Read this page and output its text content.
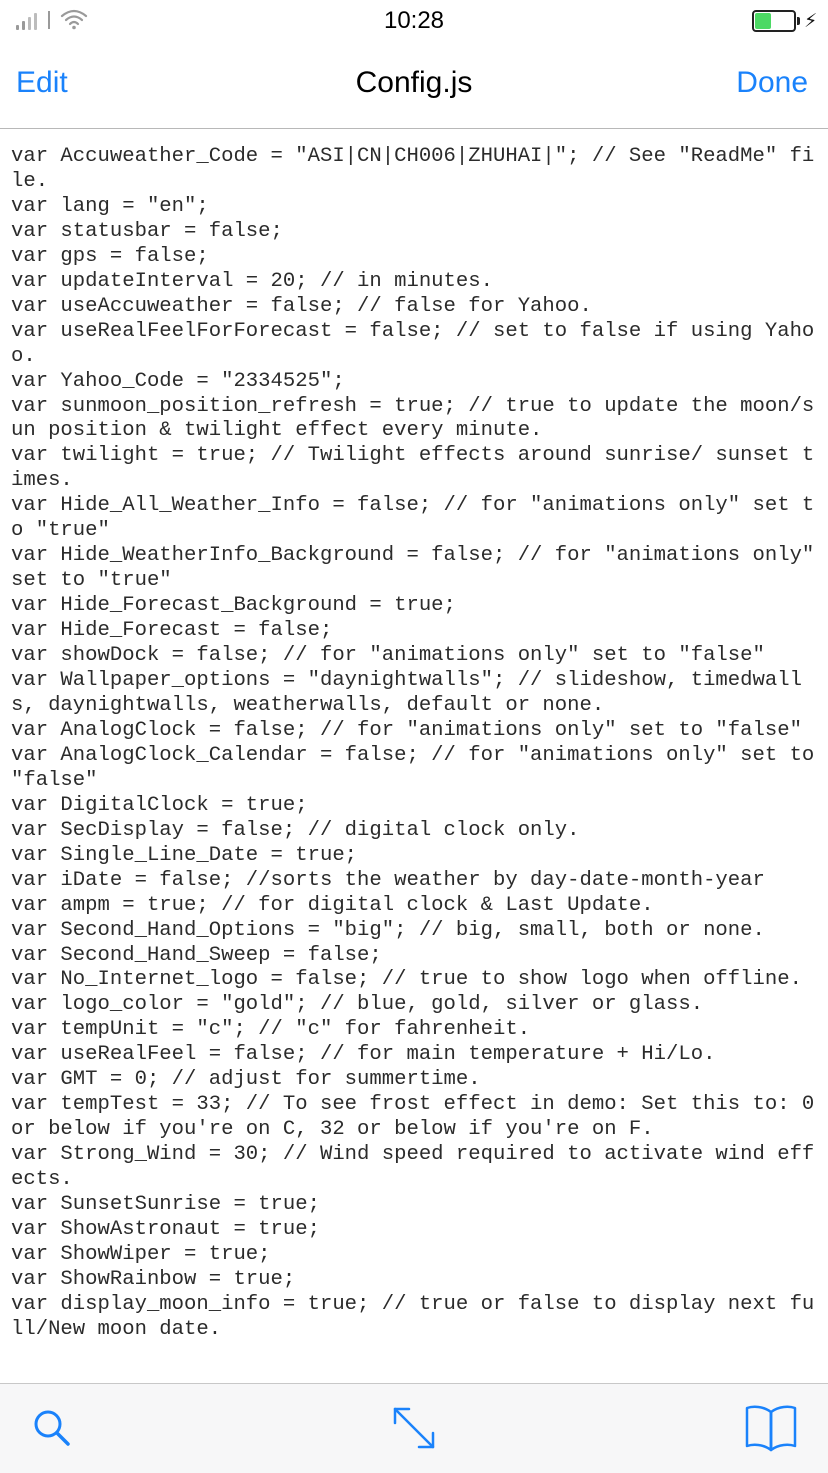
10:28	⚡︎
Edit	Config.js	Done
var Accuweather_Code = "ASI|CN|CH006|ZHUHAI|"; // See "ReadMe" file.
var lang = "en";
var statusbar = false;
var gps = false;
var updateInterval = 20; // in minutes.
var useAccuweather = false; // false for Yahoo.
var useRealFeelForForecast = false; // set to false if using Yahoo.
var Yahoo_Code = "2334525";
var sunmoon_position_refresh = true; // true to update the moon/sun position & twilight effect every minute.
var twilight = true; // Twilight effects around sunrise/ sunset times.
var Hide_All_Weather_Info = false; // for "animations only" set to "true"
var Hide_WeatherInfo_Background = false; // for "animations only" set to "true"
var Hide_Forecast_Background = true;
var Hide_Forecast = false;
var showDock = false; // for "animations only" set to "false"
var Wallpaper_options = "daynightwalls"; // slideshow, timedwalls, daynightwalls, weatherwalls, default or none.
var AnalogClock = false; // for "animations only" set to "false"
var AnalogClock_Calendar = false; // for "animations only" set to "false"
var DigitalClock = true;
var SecDisplay = false; // digital clock only.
var Single_Line_Date = true;
var iDate = false; //sorts the weather by day-date-month-year
var ampm = true; // for digital clock & Last Update.
var Second_Hand_Options = "big"; // big, small, both or none.
var Second_Hand_Sweep = false;
var No_Internet_logo = false; // true to show logo when offline.
var logo_color = "gold"; // blue, gold, silver or glass.
var tempUnit = "c"; // "c" for fahrenheit.
var useRealFeel = false; // for main temperature + Hi/Lo.
var GMT = 0; // adjust for summertime.
var tempTest = 33; // To see frost effect in demo: Set this to: 0 or below if you're on C, 32 or below if you're on F.
var Strong_Wind = 30; // Wind speed required to activate wind effects.
var SunsetSunrise = true;
var ShowAstronaut = true;
var ShowWiper = true;
var ShowRainbow = true;
var display_moon_info = true; // true or false to display next full/New moon date.
